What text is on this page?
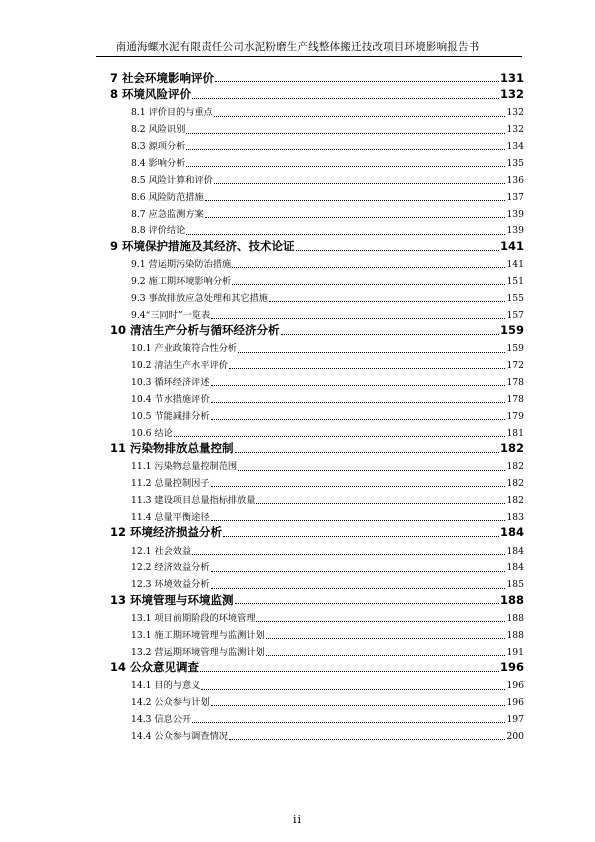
南通海螺水泥有限责任公司水泥粉磨生产线整体搬迁技改项目环境影响报告书
7 社会环境影响评价	131
8 环境风险评价	132
8.1 评价目的与重点	132
8.2 风险识别	132
8.3 源项分析	134
8.4 影响分析	135
8.5 风险计算和评价	136
8.6 风险防范措施	137
8.7 应急监测方案	139
8.8 评价结论	139
9 环境保护措施及其经济、技术论证	141
9.1 营运期污染防治措施	141
9.2 施工期环境影响分析	151
9.3 事故排放应急处理和其它措施	155
9.4“三同时”一览表	157
10 清洁生产分析与循环经济分析	159
10.1 产业政策符合性分析	159
10.2 清洁生产水平评价	172
10.3 循环经济评述	178
10.4 节水措施评价	178
10.5 节能减排分析	179
10.6 结论	181
11 污染物排放总量控制	182
11.1 污染物总量控制范围	182
11.2 总量控制因子	182
11.3 建设项目总量指标排放量	182
11.4 总量平衡途径	183
12 环境经济损益分析	184
12.1 社会效益	184
12.2 经济效益分析	184
12.3 环境效益分析	185
13 环境管理与环境监测	188
13.1 项目前期阶段的环境管理	188
13.1 施工期环境管理与监测计划	188
13.2 营运期环境管理与监测计划	191
14 公众意见调查	196
14.1 目的与意义	196
14.2 公众参与计划	196
14.3 信息公开	197
14.4 公众参与调查情况	200
ii
